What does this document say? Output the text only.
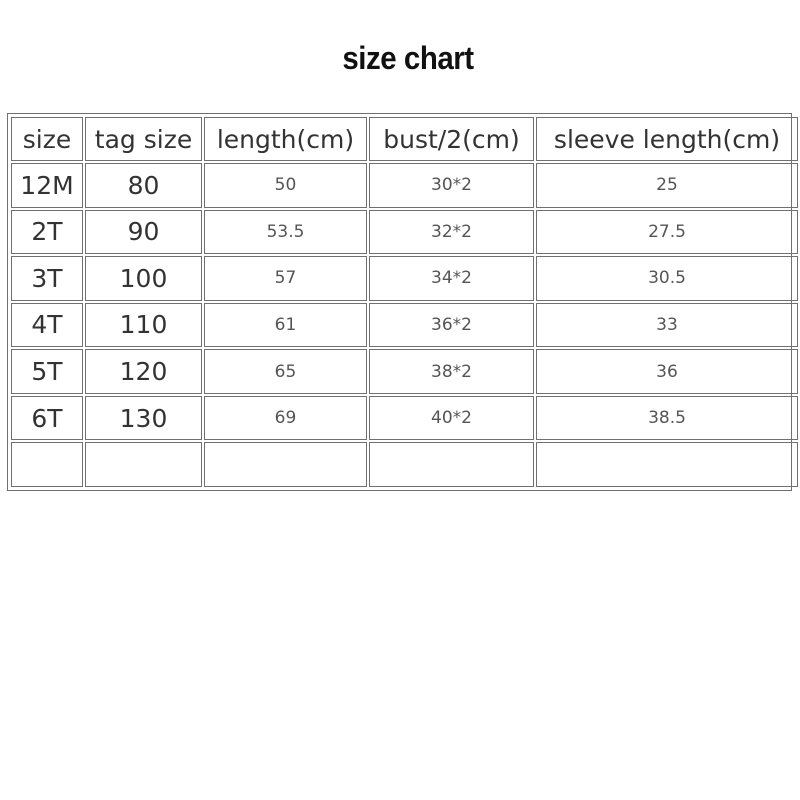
size chart
size	tag size	length(cm)	bust/2(cm)	sleeve length(cm)
12M	80	50	30*2	25
2T	90	53.5	32*2	27.5
3T	100	57	34*2	30.5
4T	110	61	36*2	33
5T	120	65	38*2	36
6T	130	69	40*2	38.5
